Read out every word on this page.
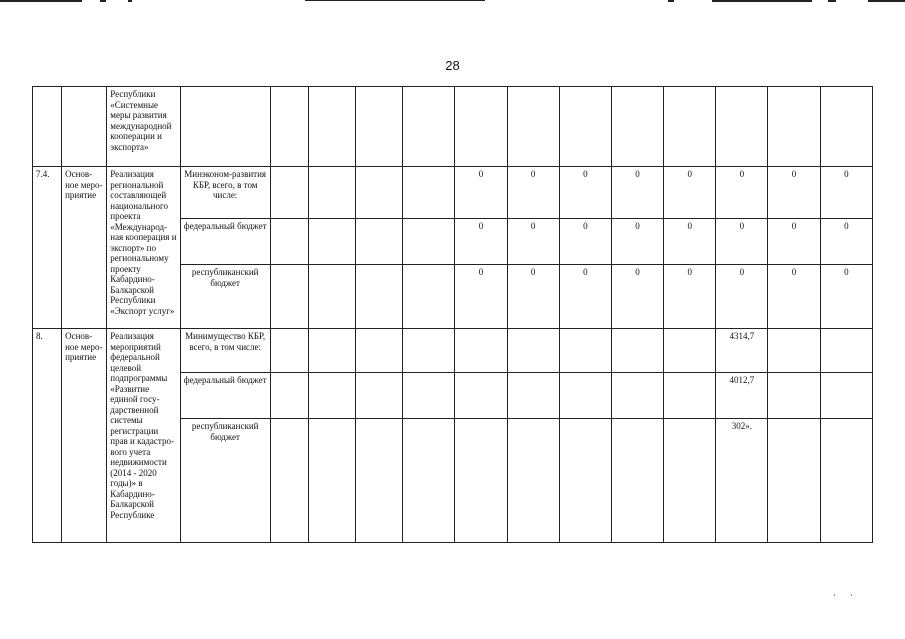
28
		Республики «Системные меры развития международной кооперации и экспорта»													
7.4.	Основ-ное меро-приятие	Реализация региональной составляющей национального проекта «Международ-ная кооперация и экспорт» по региональному проекту Кабардино-Балкарской Республики «Экспорт услуг»	Минэконом-развития КБР, всего, в том числе:					0	0	0	0	0	0	0	0
			федеральный бюджет					0	0	0	0	0	0	0	0
			республиканский бюджет					0	0	0	0	0	0	0	0
8.	Основ-ное меро-приятие	Реализация мероприятий федеральной целевой подпрограммы «Развитие единой госу-дарственной системы регистрации прав и кадастро-вого учета недвижимости (2014 - 2020 годы)» в Кабардино-Балкарской Республике	Минимущество КБР, всего, в том числе:										4314,7		
			федеральный бюджет										4012,7		
			республиканский бюджет										302».		
··
